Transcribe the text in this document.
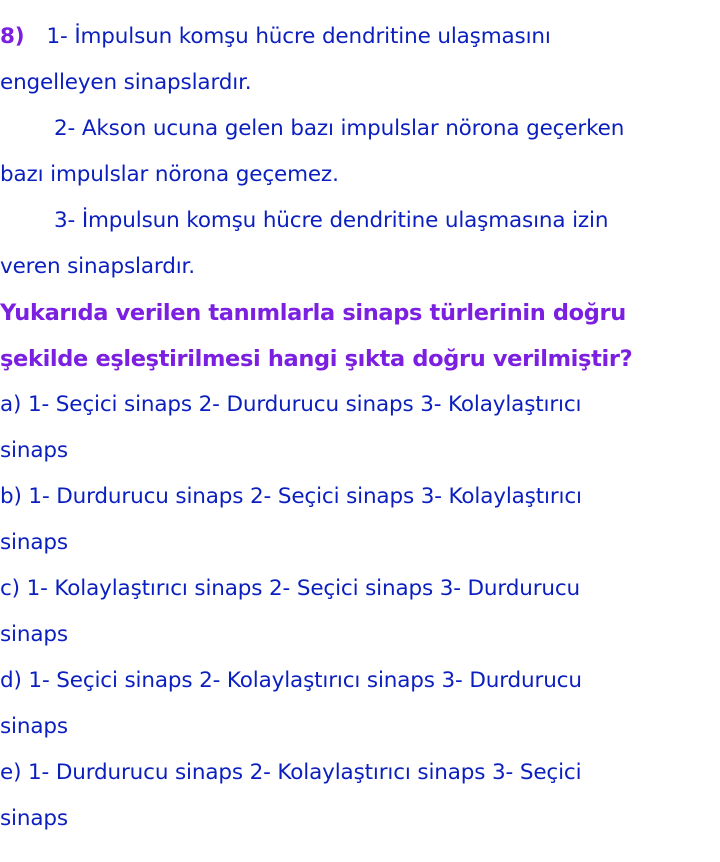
8) 1- İmpulsun komşu hücre dendritine ulaşmasını
engelleyen sinapslardır.
2- Akson ucuna gelen bazı impulslar nörona geçerken
bazı impulslar nörona geçemez.
3- İmpulsun komşu hücre dendritine ulaşmasına izin
veren sinapslardır.
Yukarıda verilen tanımlarla sinaps türlerinin doğru
şekilde eşleştirilmesi hangi şıkta doğru verilmiştir?
a) 1- Seçici sinaps 2- Durdurucu sinaps 3- Kolaylaştırıcı
sinaps
b) 1- Durdurucu sinaps 2- Seçici sinaps 3- Kolaylaştırıcı
sinaps
c) 1- Kolaylaştırıcı sinaps 2- Seçici sinaps 3- Durdurucu
sinaps
d) 1- Seçici sinaps 2- Kolaylaştırıcı sinaps 3- Durdurucu
sinaps
e) 1- Durdurucu sinaps 2- Kolaylaştırıcı sinaps 3- Seçici
sinaps
